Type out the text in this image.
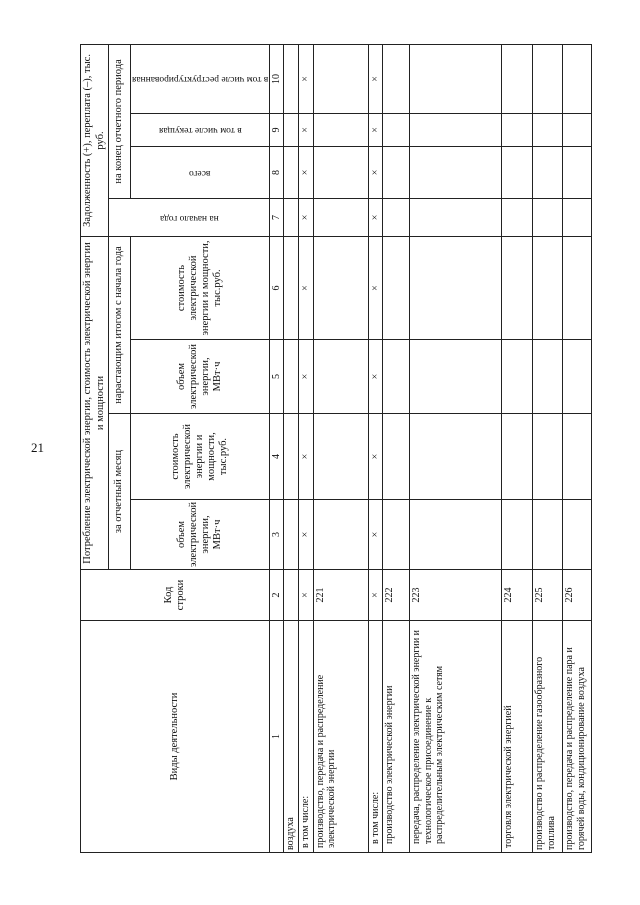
21
Виды деятельности	Код строки	Потребление электрической энергии, стоимость электрической энергии и мощности				Задолженность (+), переплата (–), тыс. руб.			
		за отчетный месяц		нарастающим итогом с начала года		на начало года	на конец отчетного периода		
		объем электрической энергии, МВт·ч	стоимость электрической энергии и мощности, тыс.руб.	объем электрической энергии, МВт·ч	стоимость электрической энергии и мощности, тыс.руб.		всего	в том числе текущая	в том числе реструктурированная

1	2	3	4	5	6	7	8	9	10
воздуха									
в том числе:	×	×	×	×	×	×	×	×	×
производство, передача и распределение электрической энергии	221								
в том числе:	×	×	×	×	×	×	×	×	×
производство электрической энергии	222								
передача, распределение электрической энергии и технологическое присоединение к распределительным электрическим сетям	223								
торговля электрической энергией	224								
производство и распределение газообразного топлива	225								
производство, передача и распределение пара и горячей воды, кондиционирование воздуха	226								
